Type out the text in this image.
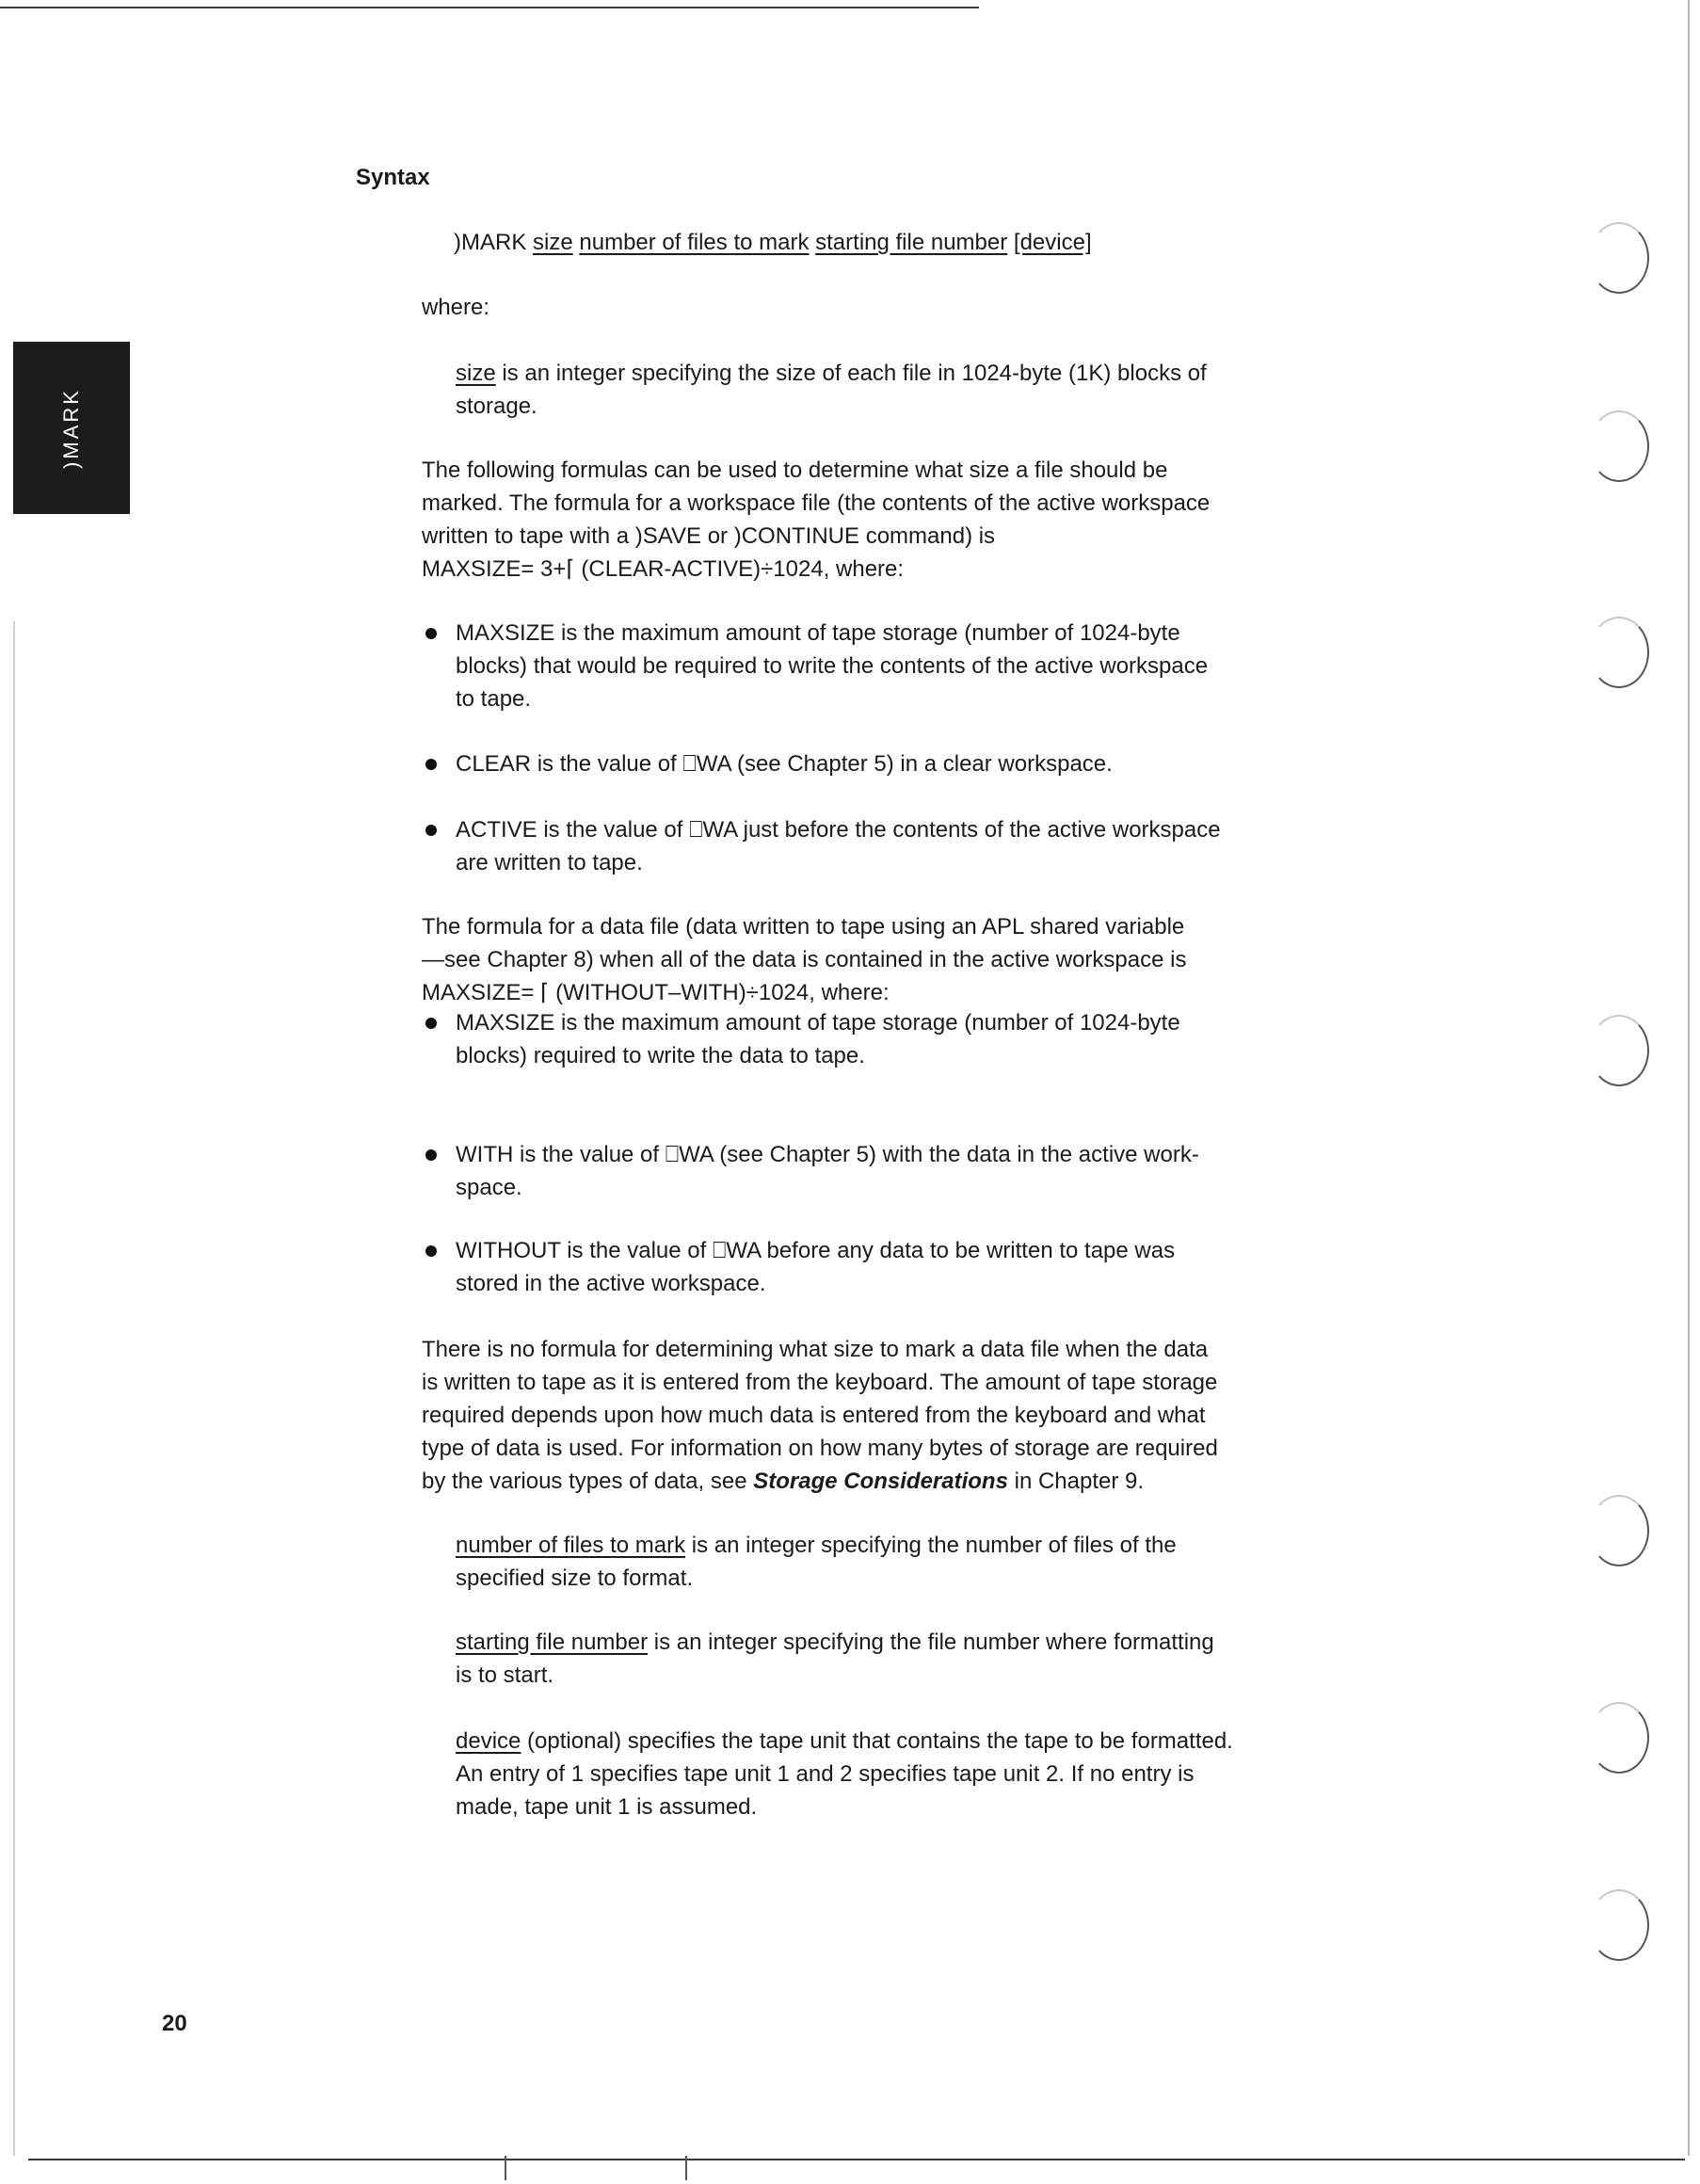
)MARK
Syntax
)MARK size number of files to mark starting file number [device]
where:
size is an integer specifying the size of each file in 1024-byte (1K) blocks of
storage.
The following formulas can be used to determine what size a file should be
marked. The formula for a workspace file (the contents of the active workspace
written to tape with a )SAVE or )CONTINUE command) is
MAXSIZE= 3+⌈ (CLEAR-ACTIVE)÷1024, where:
MAXSIZE is the maximum amount of tape storage (number of 1024-byte
blocks) that would be required to write the contents of the active workspace
to tape.
CLEAR is the value of ⎕WA (see Chapter 5) in a clear workspace.
ACTIVE is the value of ⎕WA just before the contents of the active workspace
are written to tape.
The formula for a data file (data written to tape using an APL shared variable
—see Chapter 8) when all of the data is contained in the active workspace is
MAXSIZE= ⌈ (WITHOUT–WITH)÷1024, where:
MAXSIZE is the maximum amount of tape storage (number of 1024-byte
blocks) required to write the data to tape.
WITH is the value of ⎕WA (see Chapter 5) with the data in the active work-
space.
WITHOUT is the value of ⎕WA before any data to be written to tape was
stored in the active workspace.
There is no formula for determining what size to mark a data file when the data
is written to tape as it is entered from the keyboard. The amount of tape storage
required depends upon how much data is entered from the keyboard and what
type of data is used. For information on how many bytes of storage are required
by the various types of data, see Storage Considerations in Chapter 9.
number of files to mark is an integer specifying the number of files of the
specified size to format.
starting file number is an integer specifying the file number where formatting
is to start.
device (optional) specifies the tape unit that contains the tape to be formatted.
An entry of 1 specifies tape unit 1 and 2 specifies tape unit 2. If no entry is
made, tape unit 1 is assumed.
20
